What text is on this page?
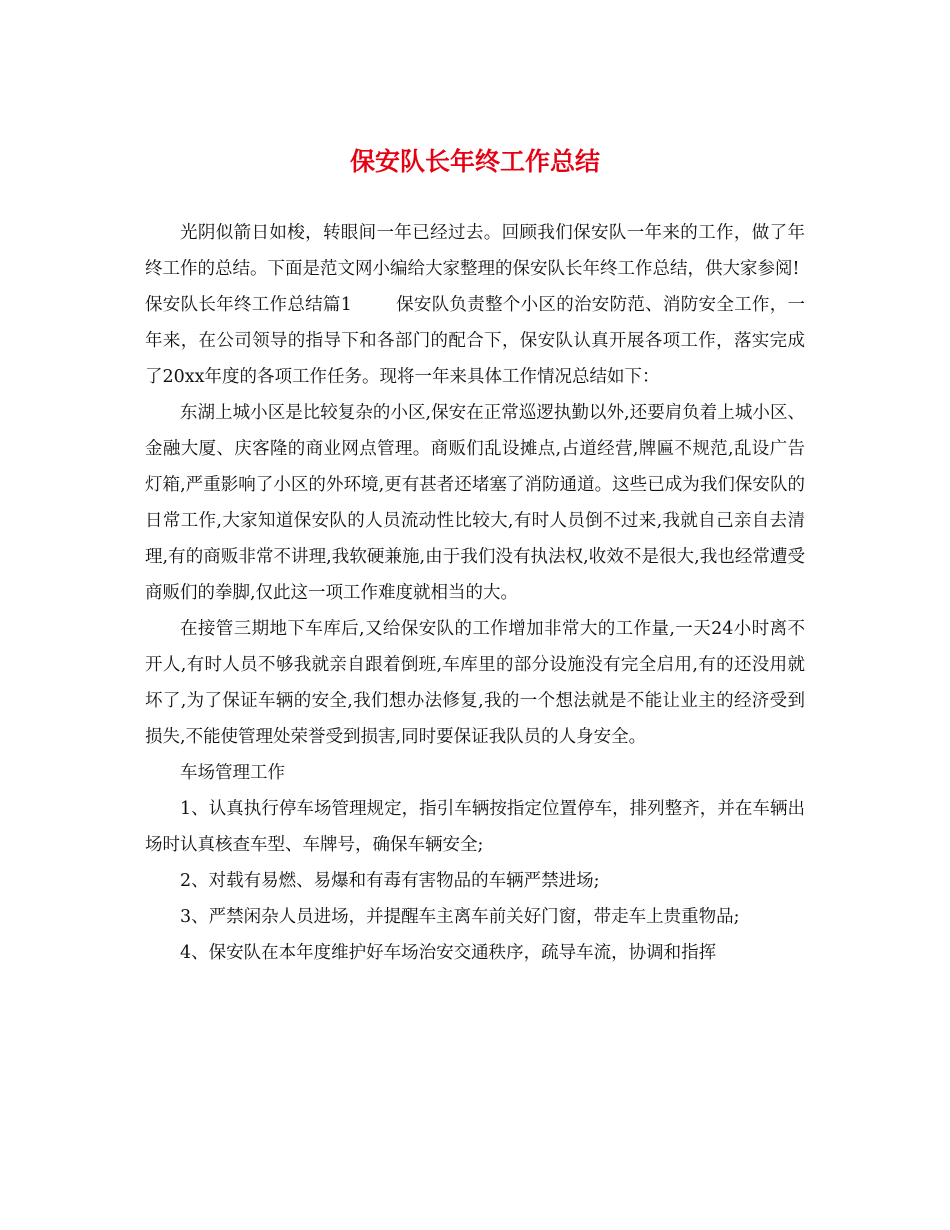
保安队长年终工作总结

光阴似箭日如梭，转眼间一年已经过去。回顾我们保安队一年来的工作，做了年终工作的总结。下面是范文网小编给大家整理的保安队长年终工作总结，供大家参阅!

保安队长年终工作总结篇1	保安队负责整个小区的治安防范、消防安全工作，一年来，在公司领导的指导下和各部门的配合下，保安队认真开展各项工作，落实完成了20xx年度的各项工作任务。现将一年来具体工作情况总结如下：

东湖上城小区是比较复杂的小区,保安在正常巡逻执勤以外,还要肩负着上城小区、金融大厦、庆客隆的商业网点管理。商贩们乱设摊点,占道经营,牌匾不规范,乱设广告灯箱,严重影响了小区的外环境,更有甚者还堵塞了消防通道。这些已成为我们保安队的日常工作,大家知道保安队的人员流动性比较大,有时人员倒不过来,我就自己亲自去清理,有的商贩非常不讲理,我软硬兼施,由于我们没有执法权,收效不是很大,我也经常遭受商贩们的拳脚,仅此这一项工作难度就相当的大。

在接管三期地下车库后,又给保安队的工作增加非常大的工作量,一天24小时离不开人,有时人员不够我就亲自跟着倒班,车库里的部分设施没有完全启用,有的还没用就坏了,为了保证车辆的安全,我们想办法修复,我的一个想法就是不能让业主的经济受到损失,不能使管理处荣誉受到损害,同时要保证我队员的人身安全。

车场管理工作

1、认真执行停车场管理规定，指引车辆按指定位置停车，排列整齐，并在车辆出场时认真核查车型、车牌号，确保车辆安全;

2、对载有易燃、易爆和有毒有害物品的车辆严禁进场;

3、严禁闲杂人员进场，并提醒车主离车前关好门窗，带走车上贵重物品;

4、保安队在本年度维护好车场治安交通秩序，疏导车流，协调和指挥
